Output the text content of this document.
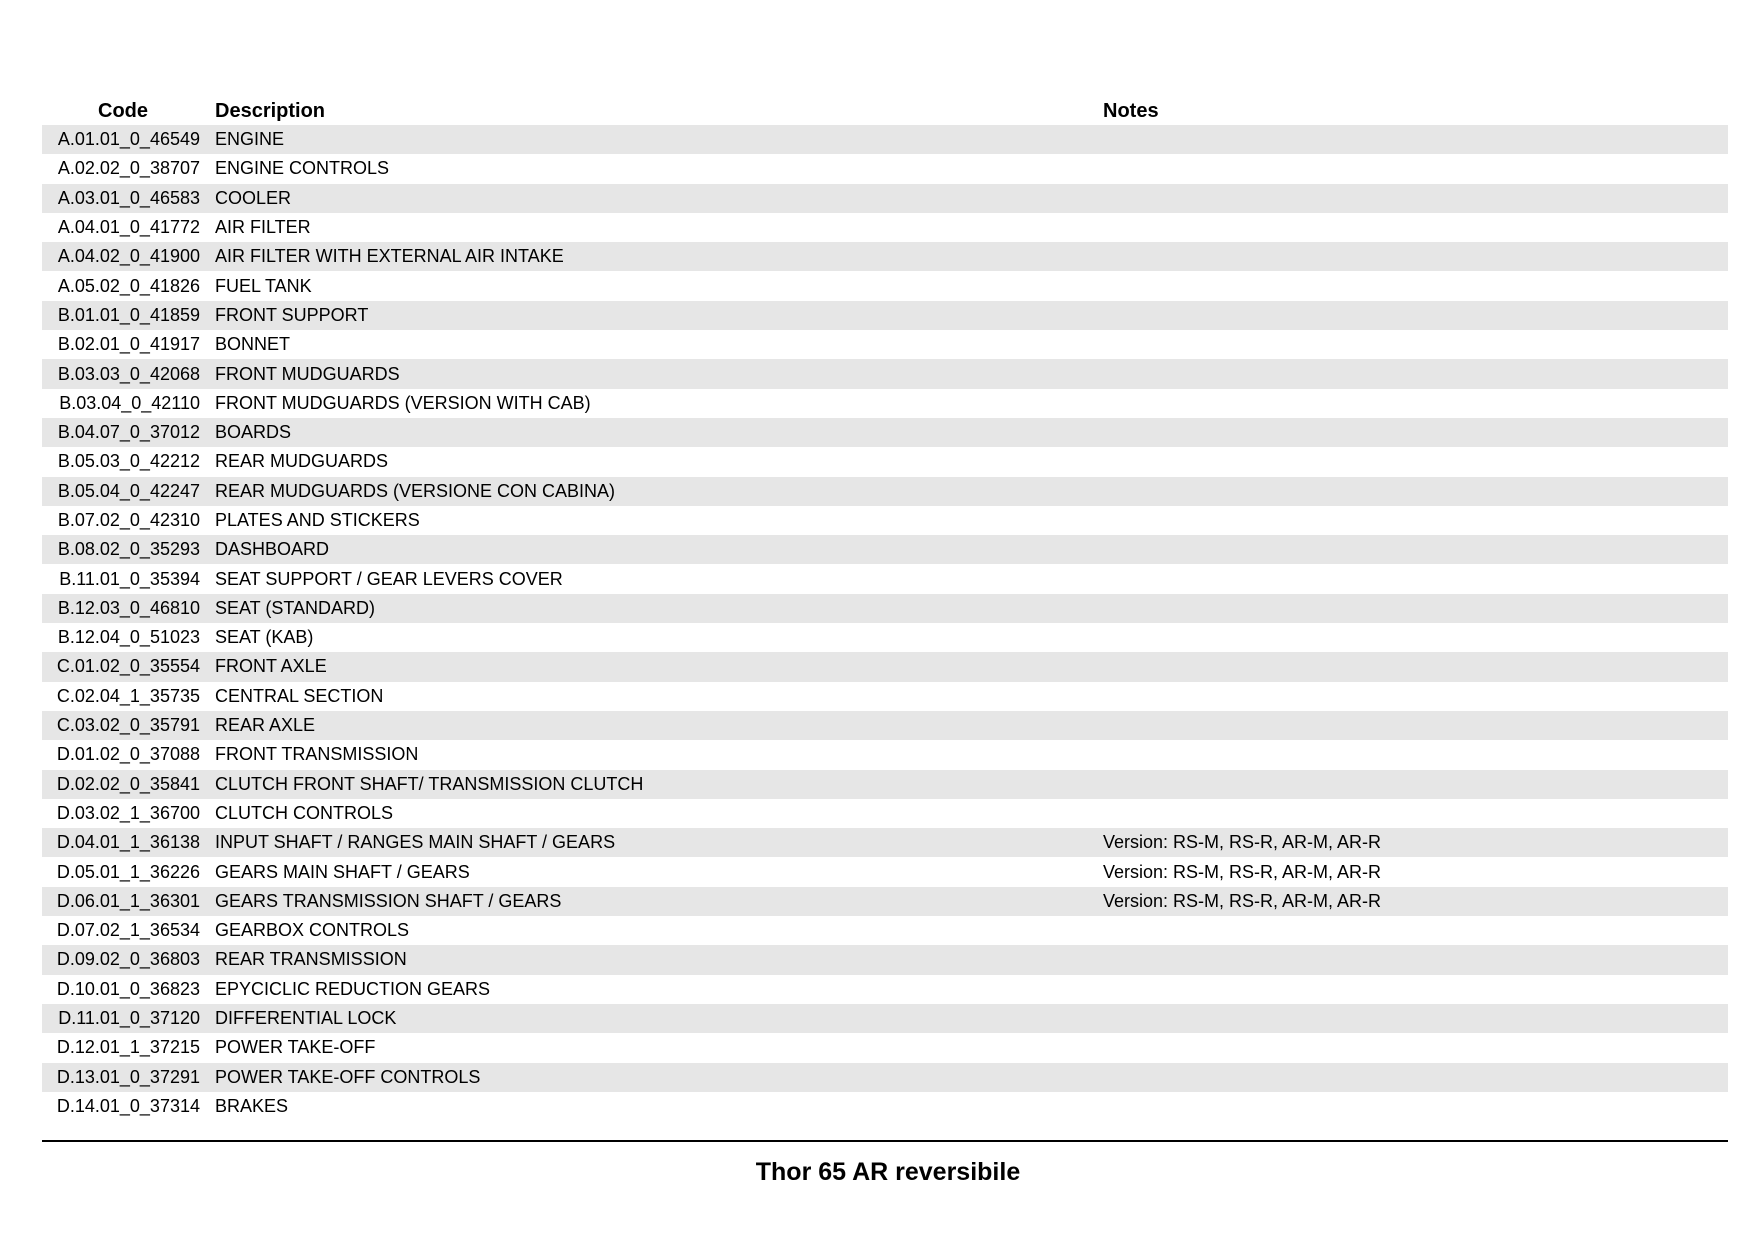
Code	Description	Notes
A.01.01_0_46549	ENGINE	
A.02.02_0_38707	ENGINE CONTROLS	
A.03.01_0_46583	COOLER	
A.04.01_0_41772	AIR FILTER	
A.04.02_0_41900	AIR FILTER WITH EXTERNAL AIR INTAKE	
A.05.02_0_41826	FUEL TANK	
B.01.01_0_41859	FRONT SUPPORT	
B.02.01_0_41917	BONNET	
B.03.03_0_42068	FRONT MUDGUARDS	
B.03.04_0_42110	FRONT MUDGUARDS (VERSION WITH CAB)	
B.04.07_0_37012	BOARDS	
B.05.03_0_42212	REAR MUDGUARDS	
B.05.04_0_42247	REAR MUDGUARDS (VERSIONE CON CABINA)	
B.07.02_0_42310	PLATES AND STICKERS	
B.08.02_0_35293	DASHBOARD	
B.11.01_0_35394	SEAT SUPPORT / GEAR LEVERS COVER	
B.12.03_0_46810	SEAT (STANDARD)	
B.12.04_0_51023	SEAT (KAB)	
C.01.02_0_35554	FRONT AXLE	
C.02.04_1_35735	CENTRAL SECTION	
C.03.02_0_35791	REAR AXLE	
D.01.02_0_37088	FRONT TRANSMISSION	
D.02.02_0_35841	CLUTCH FRONT SHAFT/ TRANSMISSION CLUTCH	
D.03.02_1_36700	CLUTCH CONTROLS	
D.04.01_1_36138	INPUT SHAFT / RANGES MAIN SHAFT / GEARS	Version: RS-M, RS-R, AR-M, AR-R
D.05.01_1_36226	GEARS MAIN SHAFT / GEARS	Version: RS-M, RS-R, AR-M, AR-R
D.06.01_1_36301	GEARS TRANSMISSION SHAFT / GEARS	Version: RS-M, RS-R, AR-M, AR-R
D.07.02_1_36534	GEARBOX CONTROLS	
D.09.02_0_36803	REAR TRANSMISSION	
D.10.01_0_36823	EPYCICLIC REDUCTION GEARS	
D.11.01_0_37120	DIFFERENTIAL LOCK	
D.12.01_1_37215	POWER TAKE-OFF	
D.13.01_0_37291	POWER TAKE-OFF CONTROLS	
D.14.01_0_37314	BRAKES	
Thor 65 AR reversibile
